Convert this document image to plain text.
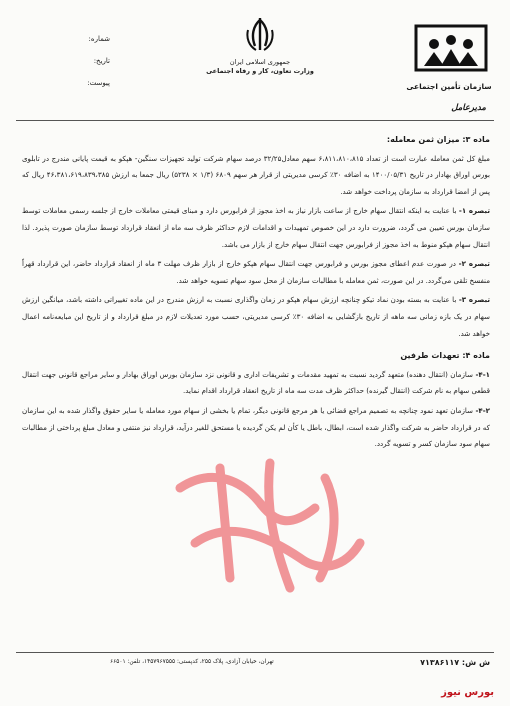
سازمان تأمین اجتماعی
مدیرعامل
جمهوری اسلامی ایران
وزارت تعاون، کار و رفاه اجتماعی
شماره:
تاریخ:
پیوست:
ماده ۳: میزان ثمن معامله:

مبلغ کل ثمن معامله عبارت است از تعداد ۶،۸۱۱،۸۱۰،۸۱۵ سهم معادل۳۲/۲۵ درصد سهام شرکت تولید تجهیزات سنگین- هپکو به قیمت پایانی مندرج در تابلوی بورس اوراق بهادار در تاریخ ۱۴۰۰/۰۵/۳۱ به اضافه ۳۰٪ کرسی مدیریتی از قرار هر سهم ۶۸۰۹ (۱/۳ × ۵۲۳۸) ریال جمعا به ارزش ۴۶،۳۸۱،۶۱۹،۸۳۹،۳۸۵ ریال که پس از امضا قرارداد به سازمان پرداخت خواهد شد.

تبصره ۱- با عنایت به اینکه انتقال سهام خارج از ساعت بازار نیاز به اخذ مجوز از فرابورس دارد و مبنای قیمتی معاملات خارج از جلسه رسمی معاملات توسط سازمان بورس تعیین می گردد، ضرورت دارد در این خصوص تمهیدات و اقدامات لازم حداکثر ظرف سه ماه از انعقاد قرارداد توسط سازمان صورت پذیرد. لذا انتقال سهام هپکو منوط به اخذ مجوز از فرابورس جهت انتقال سهام خارج از بازار می باشد.

تبصره ۲- در صورت عدم اعطای مجوز بورس و فرابورس جهت انتقال سهام هپکو خارج از بازار ظرف مهلت ۳ ماه از انعقاد قرارداد حاضر، این قرارداد قهراً منفسخ تلقی می‌گردد. در این صورت، ثمن معامله با مطالبات سازمان از محل سود سهام تسویه خواهد شد.

تبصره ۳- با عنایت به بسته بودن نماد تیکو چنانچه ارزش سهام هپکو در زمان واگذاری نسبت به ارزش مندرج در این ماده تغییراتی داشته باشد، میانگین ارزش سهام در یک بازه زمانی سه ماهه از تاریخ بازگشایی به اضافه ۳۰٪ کرسی مدیریتی، حسب مورد تعدیلات لازم در مبلغ قرارداد و از تاریخ این مبایعه‌نامه اعمال خواهد شد.

ماده ۴: تعهدات طرفین

۴-۱- سازمان (انتقال دهنده) متعهد گردید نسبت به تمهید مقدمات و تشریفات اداری و قانونی نزد سازمان بورس اوراق بهادار و سایر مراجع قانونی جهت انتقال قطعی سهام به نام شرکت (انتقال گیرنده) حداکثر ظرف مدت سه ماه از تاریخ انعقاد قرارداد اقدام نماید.

۴-۲- سازمان تعهد نمود چنانچه به تصمیم مراجع قضائی یا هر مرجع قانونی دیگر، تمام یا بخشی از سهام مورد معامله یا سایر حقوق واگذار شده به این سازمان که در قرارداد حاضر به شرکت واگذار شده است، ابطال، باطل یا کأن لم یکن گردیده یا مستحق للغیر درآید، قرارداد نیز منتفی و معادل مبلغ پرداختی از مطالبات سهام سود سازمان کسر و تسویه گردد.

ش ش: ۷۱۳۸۶۱۱۷
تهران، خیابان آزادی، پلاک ۲۵۵، کدپستی: ۱۴۵۷۹۶۷۵۵۵، تلفن: ۶۶۵۰۱
بورس نیوز
